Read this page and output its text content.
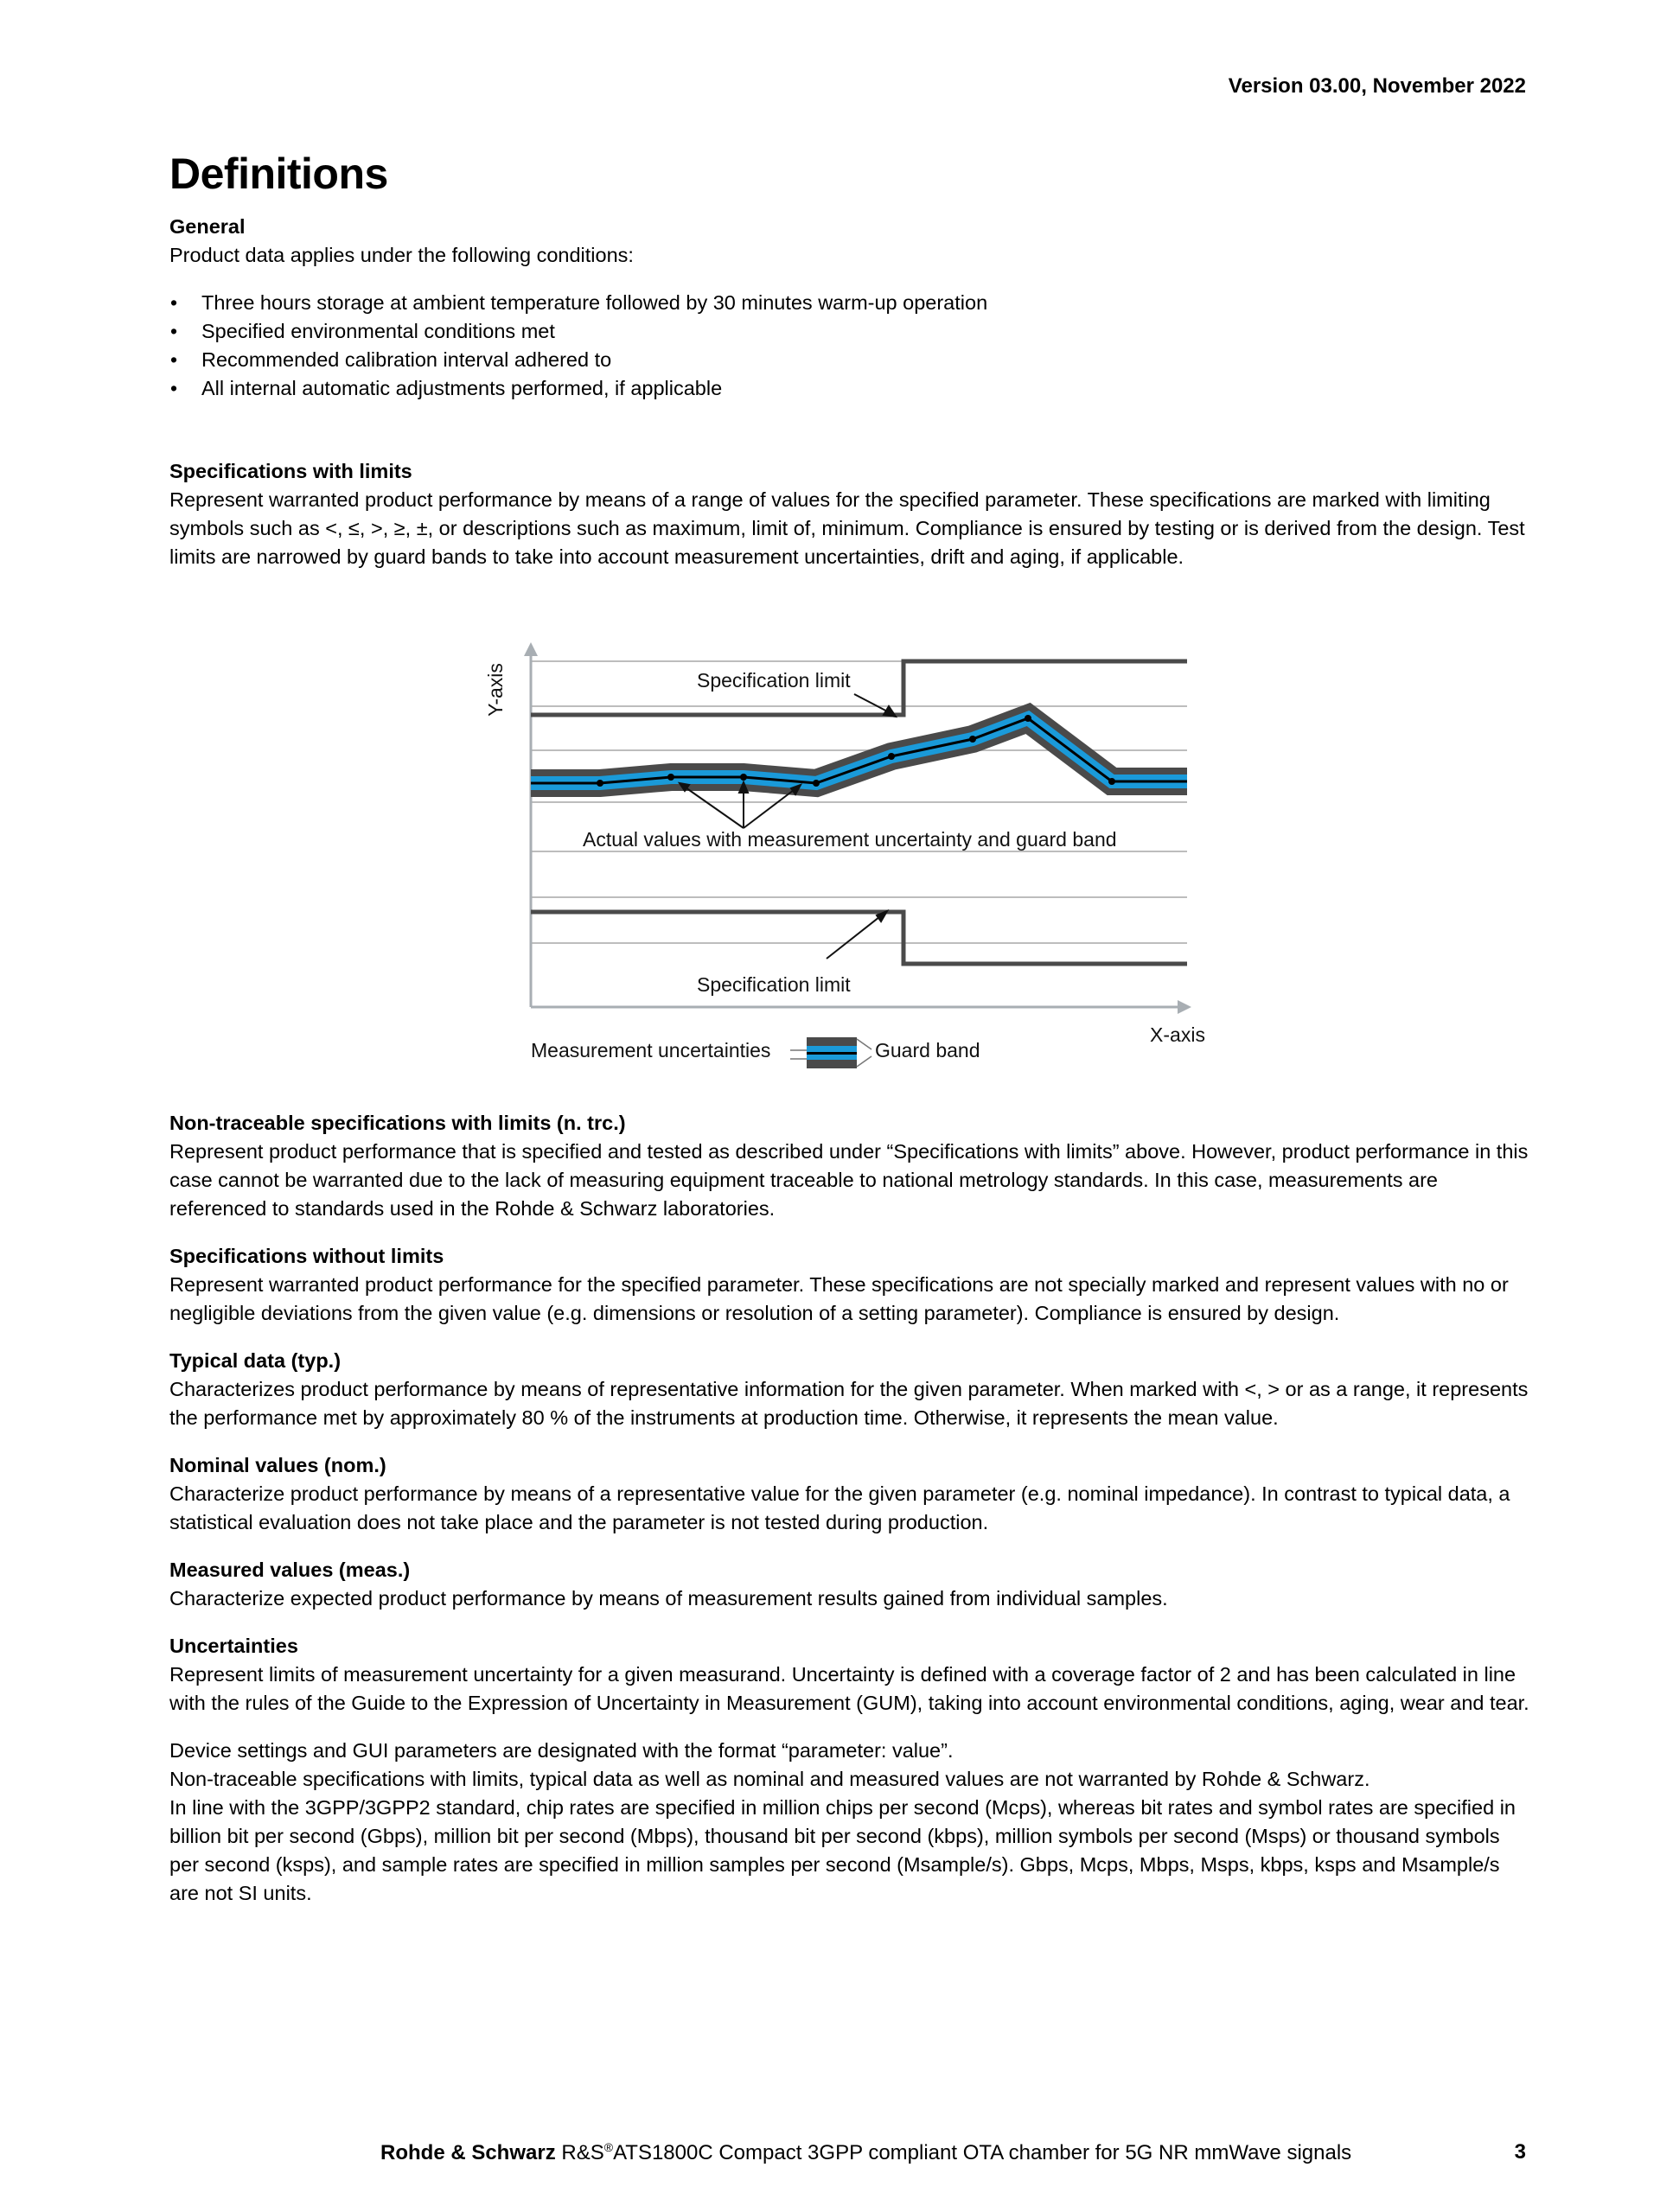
Version 03.00, November 2022
Definitions
General

Product data applies under the following conditions:

• Three hours storage at ambient temperature followed by 30 minutes warm-up operation
• Specified environmental conditions met
• Recommended calibration interval adhered to
• All internal automatic adjustments performed, if applicable
Specifications with limits

Represent warranted product performance by means of a range of values for the specified parameter. These specifications are marked with limiting symbols such as <, ≤, >, ≥, ±, or descriptions such as maximum, limit of, minimum. Compliance is ensured by testing or is derived from the design. Test limits are narrowed by guard bands to take into account measurement uncertainties, drift and aging, if applicable.

Y-axis
X-axis
Specification limit
Specification limit
Actual values with measurement uncertainty and guard band
Measurement uncertainties	Guard band
Non-traceable specifications with limits (n. trc.)

Represent product performance that is specified and tested as described under “Specifications with limits” above. However, product performance in this case cannot be warranted due to the lack of measuring equipment traceable to national metrology standards. In this case, measurements are referenced to standards used in the Rohde & Schwarz laboratories.

Specifications without limits

Represent warranted product performance for the specified parameter. These specifications are not specially marked and represent values with no or negligible deviations from the given value (e.g. dimensions or resolution of a setting parameter). Compliance is ensured by design.

Typical data (typ.)

Characterizes product performance by means of representative information for the given parameter. When marked with <, > or as a range, it represents the performance met by approximately 80 % of the instruments at production time. Otherwise, it represents the mean value.

Nominal values (nom.)

Characterize product performance by means of a representative value for the given parameter (e.g. nominal impedance). In contrast to typical data, a statistical evaluation does not take place and the parameter is not tested during production.

Measured values (meas.)

Characterize expected product performance by means of measurement results gained from individual samples.

Uncertainties

Represent limits of measurement uncertainty for a given measurand. Uncertainty is defined with a coverage factor of 2 and has been calculated in line with the rules of the Guide to the Expression of Uncertainty in Measurement (GUM), taking into account environmental conditions, aging, wear and tear.

Device settings and GUI parameters are designated with the format “parameter: value”.

Non-traceable specifications with limits, typical data as well as nominal and measured values are not warranted by Rohde & Schwarz.

In line with the 3GPP/3GPP2 standard, chip rates are specified in million chips per second (Mcps), whereas bit rates and symbol rates are specified in billion bit per second (Gbps), million bit per second (Mbps), thousand bit per second (kbps), million symbols per second (Msps) or thousand symbols per second (ksps), and sample rates are specified in million samples per second (Msample/s). Gbps, Mcps, Mbps, Msps, kbps, ksps and Msample/s are not SI units.

Rohde & Schwarz R&S®ATS1800C Compact 3GPP compliant OTA chamber for 5G NR mmWave signals	3
